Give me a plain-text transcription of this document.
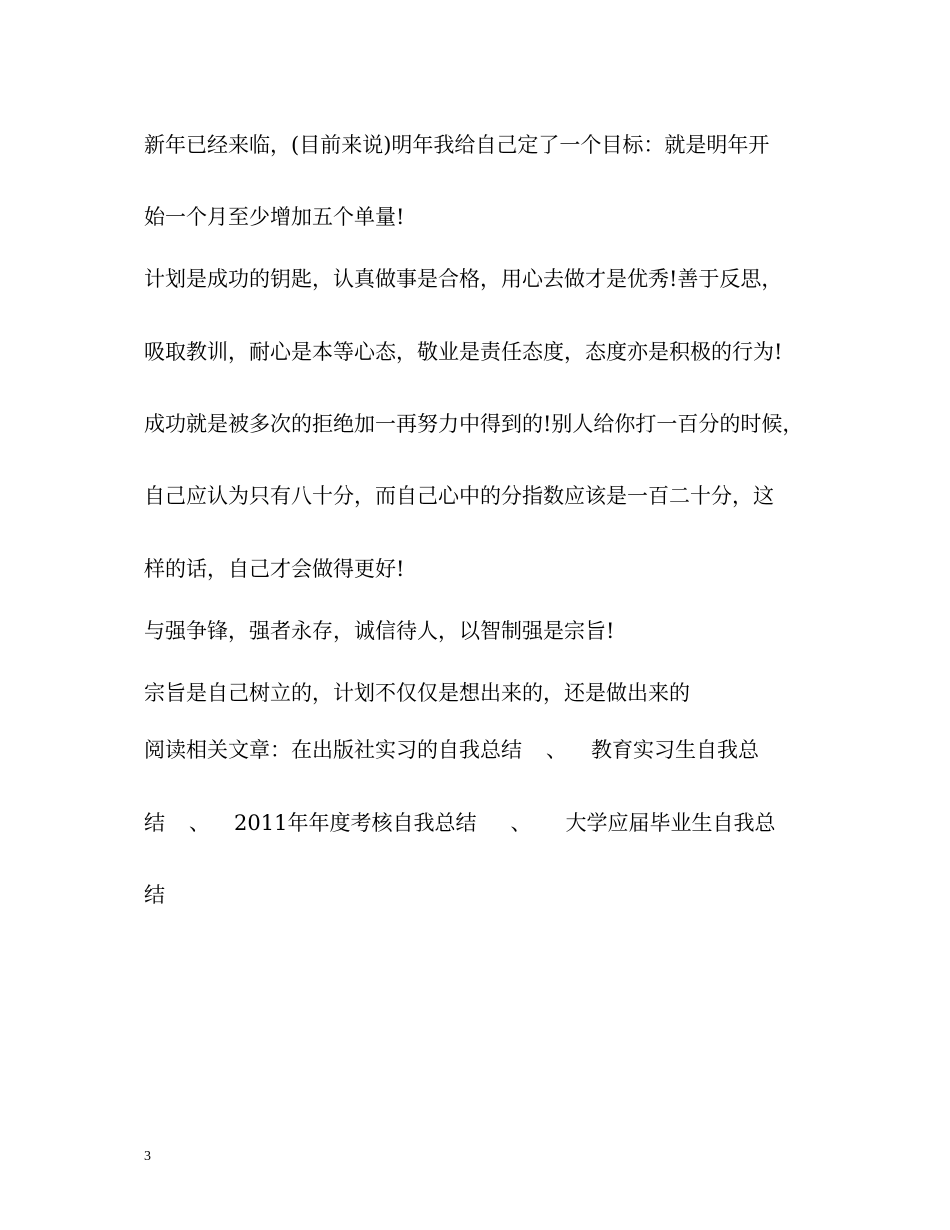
新年已经来临，(目前来说)明年我给自己定了一个目标：就是明年开

始一个月至少增加五个单量!

计划是成功的钥匙，认真做事是合格，用心去做才是优秀!善于反思，

吸取教训，耐心是本等心态，敬业是责任态度，态度亦是积极的行为!

成功就是被多次的拒绝加一再努力中得到的!别人给你打一百分的时候，

自己应认为只有八十分，而自己心中的分指数应该是一百二十分，这

样的话，自己才会做得更好!

与强争锋，强者永存，诚信待人，以智制强是宗旨!

宗旨是自己树立的，计划不仅仅是想出来的，还是做出来的

阅读相关文章：在出版社实习的自我总结 、 教育实习生自我总
结 、 2011年年度考核自我总结 、 大学应届毕业生自我总
结
3
